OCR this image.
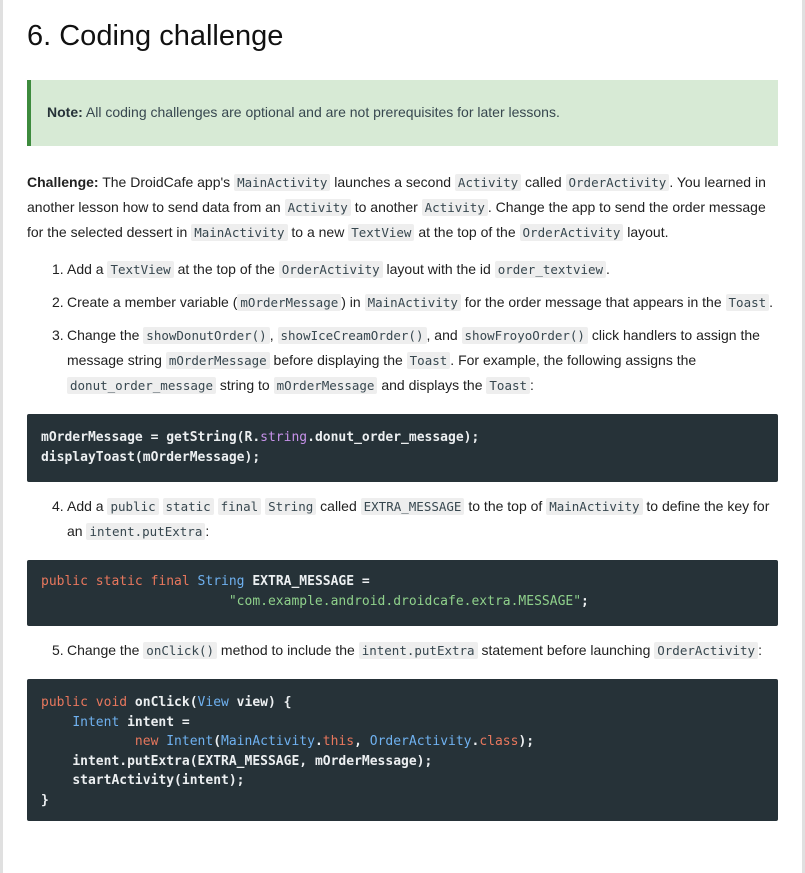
6. Coding challenge
Note: All coding challenges are optional and are not prerequisites for later lessons.

Challenge: The DroidCafe app's MainActivity launches a second Activity called OrderActivity . You learned in another lesson how to send data from an Activity to another Activity . Change the app to send the order message for the selected dessert in MainActivity to a new TextView at the top of the OrderActivity layout.

1. Add a TextView at the top of the OrderActivity layout with the id order_textview .
2. Create a member variable ( mOrderMessage ) in MainActivity for the order message that appears in the Toast .
3. Change the showDonutOrder() , showIceCreamOrder() , and showFroyoOrder() click handlers to assign the message string mOrderMessage before displaying the Toast . For example, the following assigns the donut_order_message string to mOrderMessage and displays the Toast :
mOrderMessage = getString(R.string.donut_order_message);
displayToast(mOrderMessage);
4. Add a public static final String called EXTRA_MESSAGE to the top of MainActivity to define the key for an intent.putExtra :
public static final String EXTRA_MESSAGE =
"com.example.android.droidcafe.extra.MESSAGE";
5. Change the onClick() method to include the intent.putExtra statement before launching OrderActivity :
public void onClick(View view) {
Intent intent =
new Intent(MainActivity.this, OrderActivity.class);
intent.putExtra(EXTRA_MESSAGE, mOrderMessage);
startActivity(intent);
}
